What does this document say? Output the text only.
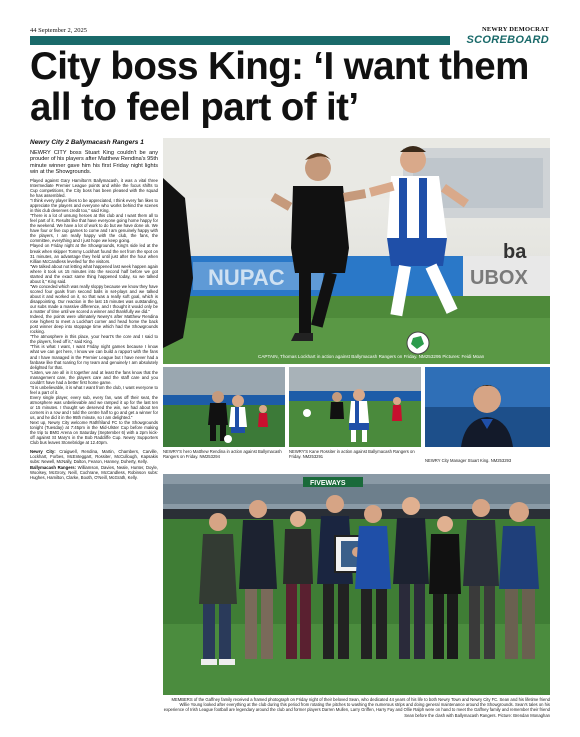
44 September 2, 2025	NEWRY DEMOCRAT
SCOREBOARD
City boss King: ‘I want them all to feel part of it’
Newry City 2 Ballymacash Rangers 1
NEWRY CITY boss Stuart King couldn't be any prouder of his players after Matthew Rendina's 95th minute winner gave him his first Friday night lights win at the Showgrounds.

Played against Gary Hamilton's Ballymacash, it was a vital three Intermediate Premier League points and while the focus shifts to Cup competitions, the City boss has been pleased with the squad he has assembled.

"I think every player likes to be appreciated, I think every fan likes to appreciate the players and everyone who works behind the scenes in this club deserves credit too," said King.

"There is a lot of unsung heroes at this club and I want them all to feel part of it. Results like that have everyone going home happy for the weekend. We have a lot of work to do but we have done ok. We have four or five cup games to come and I am genuinely happy with the players, I am really happy with the club, the fans, the committee, everything and I just hope we keep going.

Played on Friday night at the Showgrounds, King's side led at the break when skipper Tommy Lockhart found the net from the spot on 31 minutes, an advantage they held until just after the hour when Killian McCandless levelled for the visitors.

"We talked about not letting what happened last week happen again where it took us 15 minutes into the second half before we got started and the exact same thing happened today, so we talked about it," King said.

"We conceded which was really sloppy because we know they have scored four goals from second balls in set-plays and we talked about it and worked on it, so that was a really soft goal, which is disappointing. Our reaction in the last 15 minutes was outstanding, our subs made a massive difference, and I thought it would only be a matter of time until we scored a winner and thankfully we did."

Indeed, the points were ultimately Newry's after Matthew Rendina rose highest to meet a Lockhart corner and head home the back post winner deep into stoppage time which had the Showgrounds rocking.

"The atmosphere in this place, your heart's the core and I said to the players, feed off it," said King.

"This is what I want, I want Friday night games because I know what we can get here, I know we can build a rapport with the fans and I have managed in the Premier League but I have never had a fanbase like that roaring for my team and genuinely I am absolutely delighted for that.

"Listen, we are all in it together and at least the fans know that the management care, the players care and the staff care and you couldn't have had a better first home game.

"It is unbelievable, it is what I want from the club, I want everyone to feel a part of it.

Every single player, every sub, every fan, was off their seat, the atmosphere was unbelievable and we ramped it up for the last ten or 15 minutes. I thought we deserved the win, we had about ten corners in a row and I told the centre half to go and get a winner for us, and he did it in the 95th minute, so I am delighted."

Next up, Newry City welcome Rathfriland FC to the Showgrounds tonight (Tuesday) at 7:45pm in the Mid-Ulster Cup before making the trip to BMG Arena on Saturday (September 6) with a 2pm kick-off against St Mary's in the Bob Radcliffe Cup. Newry Supporters Club bus leaves Stonebridge at 12.40pm.

Newry City: Craigwell, Rendina, Martin, Chambers, Carville, Lockhart, Forbes, McEnteggart, Rossiter, McCullough, Kapsakis subs: Newell, McNally, Dalton, Fearon, Hanney, Doherty, Kelly.

Ballymacash Rangers: Williamson, Davies, Neale, Hunter, Doyle, Woolsey, McGrory, Neill, Cochrane, McCandless, Robinson subs: Hughes, Hamilton, Clarke, Booth, O'Neill, McGrath, Kelly.

NUPAC	UBOX
ba
CAPTAIN, Thomas Lockhart in action against Ballymacash Rangers on Friday. NM253295 Pictures: Feidi Moan
NEWRY'S hero Matthew Rendina in action against Ballymacash Rangers on Friday. NM253294
NEWRY'S Kane Rossiter in action against Ballymacash Rangers on Friday. NM253291
NEWRY City Manager Stuart King. NM253293
FIVEWAYS
MEMBERS of the Gaffney family received a framed photograph on Friday night of their beloved Sean, who dedicated 44 years of his life to both Newry Town and Newry City FC. Sean and his lifetime friend Willie Young looked after everything at the club during this period from rotating the pitches to washing the numerous strips and doing general maintenance around the Showgrounds. Sean's tales on his experience of Irish League football are legendary around the club and former players Darren Mullen, Larry Griffen, Harry Fay and Ollie Ralph were on hand to meet the Gaffney family and remember their friend Sean before the clash with Ballymacash Rangers. Picture: Brendan Monaghan
